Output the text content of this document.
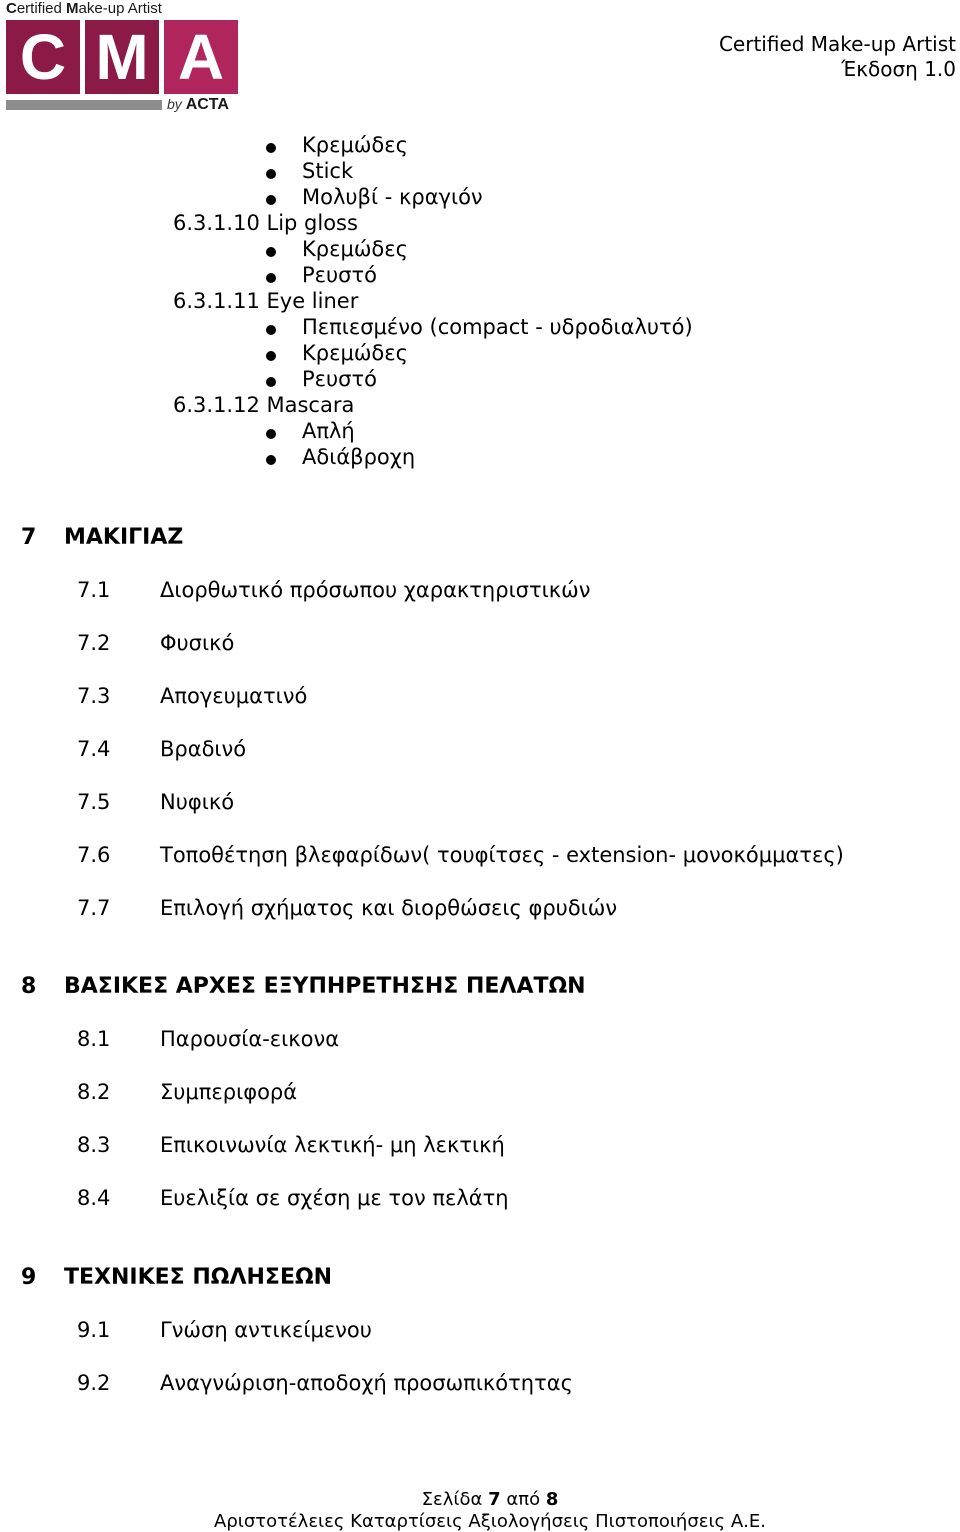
Certified Make-up Artist
C M A
by ACTA
Certified Make-up Artist
Έκδοση 1.0
Κρεμώδες
Stick
Μολυβί - κραγιόν
6.3.1.10 Lip gloss
Κρεμώδες
Ρευστό
6.3.1.11 Eye liner
Πεπιεσμένο (compact - υδροδιαλυτό)
Κρεμώδες
Ρευστό
6.3.1.12 Mascara
Απλή
Αδιάβροχη
7 ΜΑΚΙΓΙΑΖ
7.1 Διορθωτικό πρόσωπου χαρακτηριστικών
7.2 Φυσικό
7.3 Απογευματινό
7.4 Βραδινό
7.5 Νυφικό
7.6 Τοποθέτηση βλεφαρίδων( τουφίτσες - extension- μονοκόμματες)
7.7 Επιλογή σχήματος και διορθώσεις φρυδιών
8 ΒΑΣΙΚΕΣ ΑΡΧΕΣ ΕΞΥΠΗΡΕΤΗΣΗΣ ΠΕΛΑΤΩΝ
8.1 Παρουσία-εικονα
8.2 Συμπεριφορά
8.3 Επικοινωνία λεκτική- μη λεκτική
8.4 Ευελιξία σε σχέση με τον πελάτη
9 ΤΕΧΝΙΚΕΣ ΠΩΛΗΣΕΩΝ
9.1 Γνώση αντικείμενου
9.2 Αναγνώριση-αποδοχή προσωπικότητας
Σελίδα 7 από 8
Αριστοτέλειες Καταρτίσεις Αξιολογήσεις Πιστοποιήσεις Α.Ε.
